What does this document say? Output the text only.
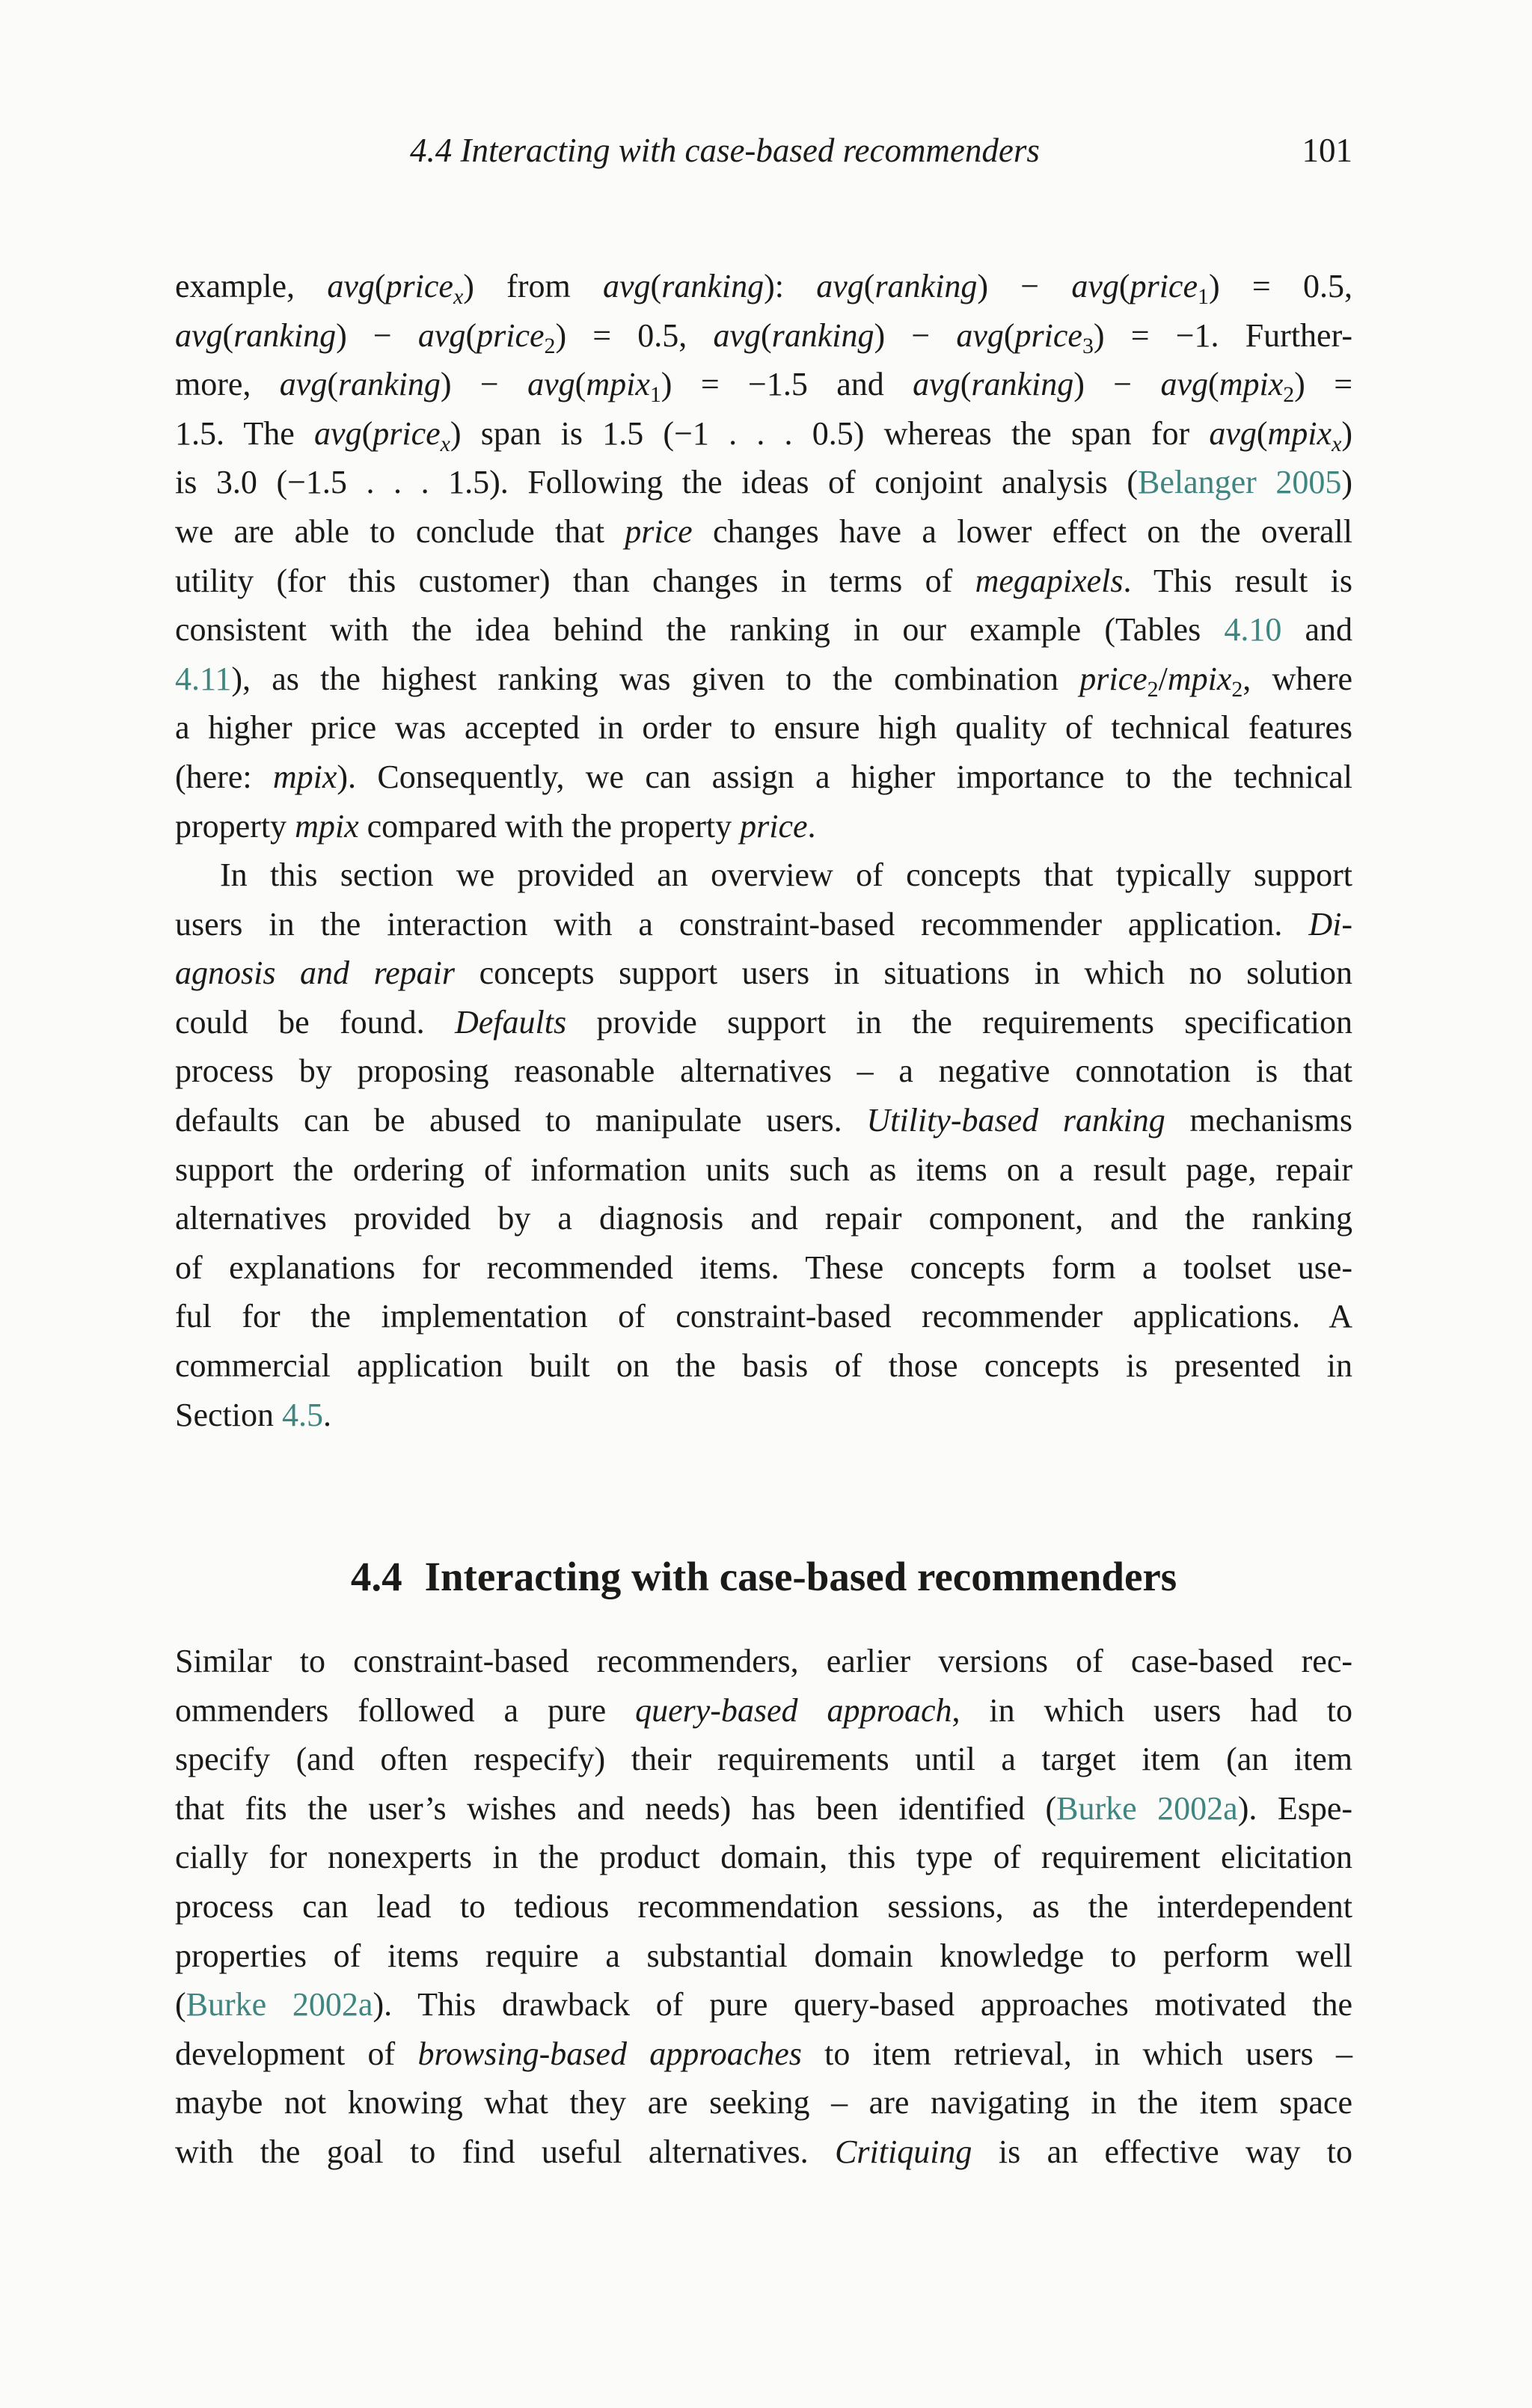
4.4 Interacting with case-based recommenders	101

example, avg(price$_x$) from avg(ranking): avg(ranking) − avg(price$_1$) = 0.5,
avg(ranking) − avg(price$_2$) = 0.5, avg(ranking) − avg(price$_3$) = −1. Further-
more, avg(ranking) − avg(mpix$_1$) = −1.5 and avg(ranking) − avg(mpix$_2$) =
1.5. The avg(price$_x$) span is 1.5 (−1 . . . 0.5) whereas the span for avg(mpix$_x$)
is 3.0 (−1.5 . . . 1.5). Following the ideas of conjoint analysis (Belanger 2005)
we are able to conclude that price changes have a lower effect on the overall
utility (for this customer) than changes in terms of megapixels. This result is
consistent with the idea behind the ranking in our example (Tables 4.10 and
4.11), as the highest ranking was given to the combination price$_2$/mpix$_2$, where
a higher price was accepted in order to ensure high quality of technical features
(here: mpix). Consequently, we can assign a higher importance to the technical
property mpix compared with the property price.

In this section we provided an overview of concepts that typically support
users in the interaction with a constraint-based recommender application. Di-
agnosis and repair concepts support users in situations in which no solution
could be found. Defaults provide support in the requirements specification
process by proposing reasonable alternatives – a negative connotation is that
defaults can be abused to manipulate users. Utility-based ranking mechanisms
support the ordering of information units such as items on a result page, repair
alternatives provided by a diagnosis and repair component, and the ranking
of explanations for recommended items. These concepts form a toolset use-
ful for the implementation of constraint-based recommender applications. A
commercial application built on the basis of those concepts is presented in
Section 4.5.

4.4 Interacting with case-based recommenders

Similar to constraint-based recommenders, earlier versions of case-based rec-
ommenders followed a pure query-based approach, in which users had to
specify (and often respecify) their requirements until a target item (an item
that fits the user’s wishes and needs) has been identified (Burke 2002a). Espe-
cially for nonexperts in the product domain, this type of requirement elicitation
process can lead to tedious recommendation sessions, as the interdependent
properties of items require a substantial domain knowledge to perform well
(Burke 2002a). This drawback of pure query-based approaches motivated the
development of browsing-based approaches to item retrieval, in which users –
maybe not knowing what they are seeking – are navigating in the item space
with the goal to find useful alternatives. Critiquing is an effective way to
